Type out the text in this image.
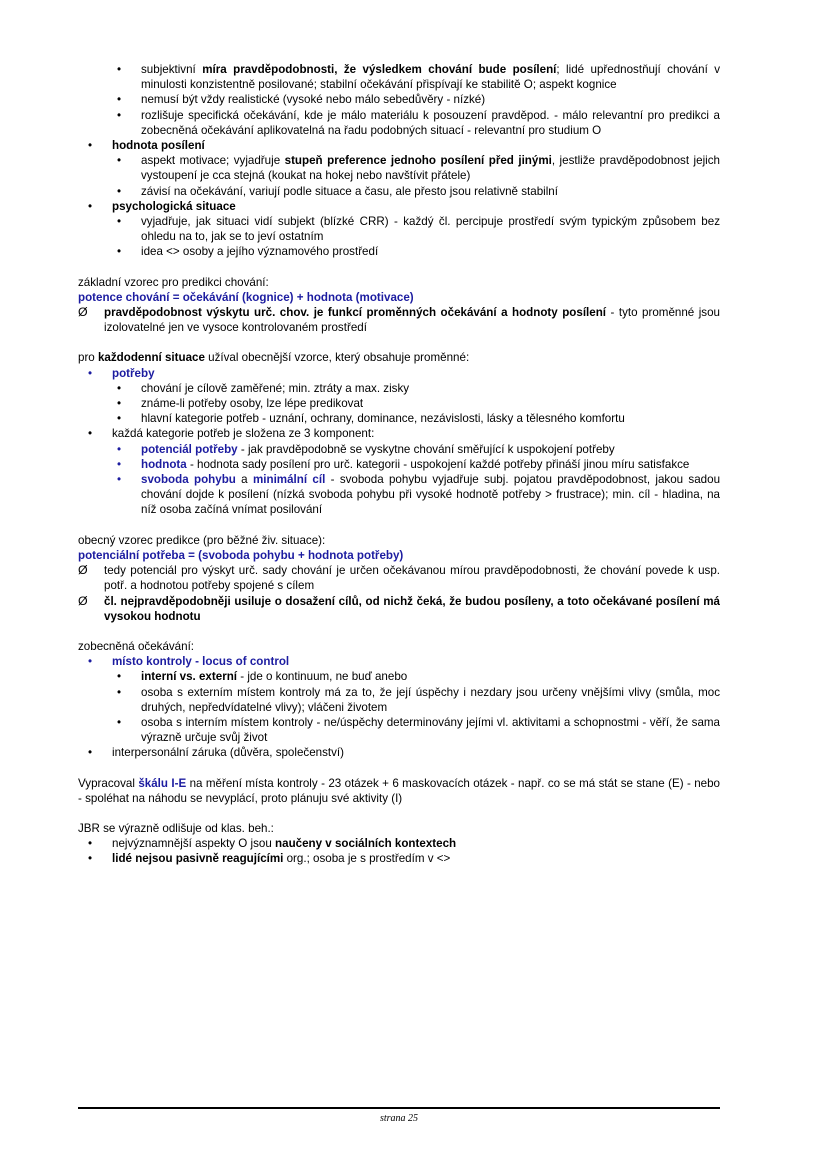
•	subjektivní míra pravděpodobnosti, že výsledkem chování bude posílení; lidé upřednostňují chování v minulosti konzistentně posilované; stabilní očekávání přispívají ke stabilitě O; aspekt kognice
•	nemusí být vždy realistické (vysoké nebo málo sebedůvěry - nízké)
•	rozlišuje specifická očekávání, kde je málo materiálu k posouzení pravděpod. - málo relevantní pro predikci a zobecněná očekávání aplikovatelná na řadu podobných situací - relevantní pro studium O
•	hodnota posílení
•	aspekt motivace; vyjadřuje stupeň preference jednoho posílení před jinými, jestliže pravděpodobnost jejich vystoupení je cca stejná (koukat na hokej nebo navštívit přátele)
•	závisí na očekávání, variují podle situace a času, ale přesto jsou relativně stabilní
•	psychologická situace
•	vyjadřuje, jak situaci vidí subjekt (blízké CRR) - každý čl. percipuje prostředí svým typickým způsobem bez ohledu na to, jak se to jeví ostatním
•	idea <> osoby a jejího významového prostředí

základní vzorec pro predikci chování:

potence chování = očekávání (kognice) + hodnota (motivace)

Ø	pravděpodobnost výskytu urč. chov. je funkcí proměnných očekávání a hodnoty posílení - tyto proměnné jsou izolovatelné jen ve vysoce kontrolovaném prostředí

pro každodenní situace užíval obecnější vzorce, který obsahuje proměnné:

•	potřeby
•	chování je cílově zaměřené; min. ztráty a max. zisky
•	známe-li potřeby osoby, lze lépe predikovat
•	hlavní kategorie potřeb - uznání, ochrany, dominance, nezávislosti, lásky a tělesného komfortu
•	každá kategorie potřeb je složena ze 3 komponent:
•	potenciál potřeby - jak pravděpodobně se vyskytne chování směřující k uspokojení potřeby
•	hodnota - hodnota sady posílení pro urč. kategorii - uspokojení každé potřeby přináší jinou míru satisfakce
•	svoboda pohybu a minimální cíl - svoboda pohybu vyjadřuje subj. pojatou pravděpodobnost, jakou sadou chování dojde k posílení (nízká svoboda pohybu při vysoké hodnotě potřeby > frustrace); min. cíl - hladina, na níž osoba začíná vnímat posilování

obecný vzorec predikce (pro běžné živ. situace):

potenciální potřeba = (svoboda pohybu + hodnota potřeby)

Ø	tedy potenciál pro výskyt urč. sady chování je určen očekávanou mírou pravděpodobnosti, že chování povede k usp. potř. a hodnotou potřeby spojené s cílem
Ø	čl. nejpravděpodobněji usiluje o dosažení cílů, od nichž čeká, že budou posíleny, a toto očekávané posílení má vysokou hodnotu

zobecněná očekávání:

•	místo kontroly - locus of control
•	interní vs. externí - jde o kontinuum, ne buď anebo
•	osoba s externím místem kontroly má za to, že její úspěchy i nezdary jsou určeny vnějšími vlivy (smůla, moc druhých, nepředvídatelné vlivy); vláčeni životem
•	osoba s interním místem kontroly - ne/úspěchy determinovány jejími vl. aktivitami a schopnostmi - věří, že sama výrazně určuje svůj život
•	interpersonální záruka (důvěra, společenství)

Vypracoval škálu I-E na měření místa kontroly - 23 otázek + 6 maskovacích otázek - např. co se má stát se stane (E) - nebo - spoléhat na náhodu se nevyplácí, proto plánuju své aktivity (I)

JBR se výrazně odlišuje od klas. beh.:

•	nejvýznamnější aspekty O jsou naučeny v sociálních kontextech
•	lidé nejsou pasivně reagujícími org.; osoba je s prostředím v <>
strana 25
